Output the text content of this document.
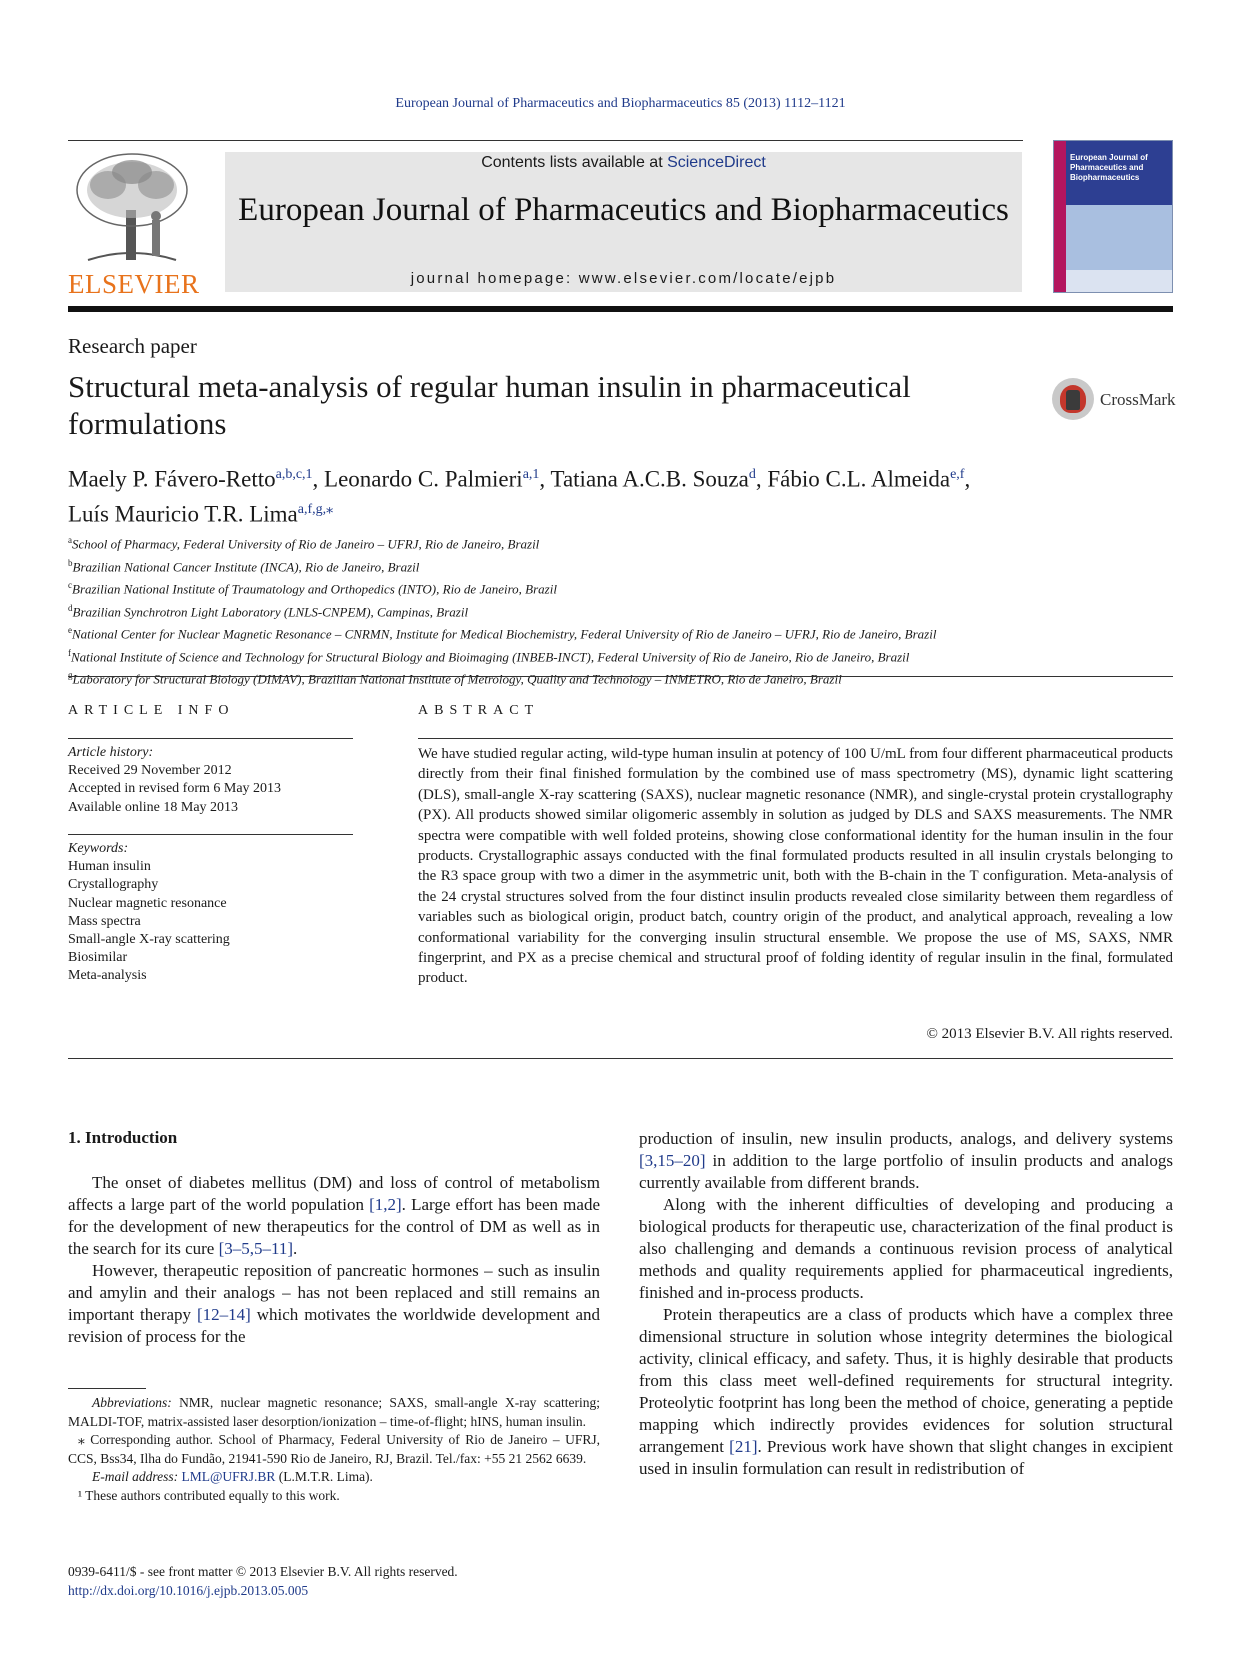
European Journal of Pharmaceutics and Biopharmaceutics 85 (2013) 1112–1121
ELSEVIER
Contents lists available at ScienceDirect
European Journal of Pharmaceutics and Biopharmaceutics
journal homepage: www.elsevier.com/locate/ejpb
European Journal of Pharmaceutics and Biopharmaceutics
Research paper
Structural meta-analysis of regular human insulin in pharmaceutical formulations
CrossMark
Maely P. Fávero-Retto$^{a,b,c,1}$, Leonardo C. Palmieri$^{a,1}$, Tatiana A.C.B. Souza$^d$, Fábio C.L. Almeida$^{e,f}$,
Luís Mauricio T.R. Lima$^{a,f,g,⁎}$
$^a$School of Pharmacy, Federal University of Rio de Janeiro – UFRJ, Rio de Janeiro, Brazil
$^b$Brazilian National Cancer Institute (INCA), Rio de Janeiro, Brazil
$^c$Brazilian National Institute of Traumatology and Orthopedics (INTO), Rio de Janeiro, Brazil
$^d$Brazilian Synchrotron Light Laboratory (LNLS-CNPEM), Campinas, Brazil
$^e$National Center for Nuclear Magnetic Resonance – CNRMN, Institute for Medical Biochemistry, Federal University of Rio de Janeiro – UFRJ, Rio de Janeiro, Brazil
$^f$National Institute of Science and Technology for Structural Biology and Bioimaging (INBEB-INCT), Federal University of Rio de Janeiro, Rio de Janeiro, Brazil
$^g$Laboratory for Structural Biology (DIMAV), Brazilian National Institute of Metrology, Quality and Technology – INMETRO, Rio de Janeiro, Brazil
ARTICLE INFO
Article history:
Received 29 November 2012
Accepted in revised form 6 May 2013
Available online 18 May 2013
Keywords:
Human insulin
Crystallography
Nuclear magnetic resonance
Mass spectra
Small-angle X-ray scattering
Biosimilar
Meta-analysis
ABSTRACT
We have studied regular acting, wild-type human insulin at potency of 100 U/mL from four different pharmaceutical products directly from their final finished formulation by the combined use of mass spectrometry (MS), dynamic light scattering (DLS), small-angle X-ray scattering (SAXS), nuclear magnetic resonance (NMR), and single-crystal protein crystallography (PX). All products showed similar oligomeric assembly in solution as judged by DLS and SAXS measurements. The NMR spectra were compatible with well folded proteins, showing close conformational identity for the human insulin in the four products. Crystallographic assays conducted with the final formulated products resulted in all insulin crystals belonging to the R3 space group with two a dimer in the asymmetric unit, both with the B-chain in the T configuration. Meta-analysis of the 24 crystal structures solved from the four distinct insulin products revealed close similarity between them regardless of variables such as biological origin, product batch, country origin of the product, and analytical approach, revealing a low conformational variability for the converging insulin structural ensemble. We propose the use of MS, SAXS, NMR fingerprint, and PX as a precise chemical and structural proof of folding identity of regular insulin in the final, formulated product.
© 2013 Elsevier B.V. All rights reserved.
1. Introduction

The onset of diabetes mellitus (DM) and loss of control of metabolism affects a large part of the world population [1,2]. Large effort has been made for the development of new therapeutics for the control of DM as well as in the search for its cure [3–5,5–11].

However, therapeutic reposition of pancreatic hormones – such as insulin and amylin and their analogs – has not been replaced and still remains an important therapy [12–14] which motivates the worldwide development and revision of process for the

production of insulin, new insulin products, analogs, and delivery systems [3,15–20] in addition to the large portfolio of insulin products and analogs currently available from different brands.

Along with the inherent difficulties of developing and producing a biological products for therapeutic use, characterization of the final product is also challenging and demands a continuous revision process of analytical methods and quality requirements applied for pharmaceutical ingredients, finished and in-process products.

Protein therapeutics are a class of products which have a complex three dimensional structure in solution whose integrity determines the biological activity, clinical efficacy, and safety. Thus, it is highly desirable that products from this class meet well-defined requirements for structural integrity. Proteolytic footprint has long been the method of choice, generating a peptide mapping which indirectly provides evidences for solution structural arrangement [21]. Previous work have shown that slight changes in excipient used in insulin formulation can result in redistribution of

Abbreviations: NMR, nuclear magnetic resonance; SAXS, small-angle X-ray scattering; MALDI-TOF, matrix-assisted laser desorption/ionization – time-of-flight; hINS, human insulin.

⁎ Corresponding author. School of Pharmacy, Federal University of Rio de Janeiro – UFRJ, CCS, Bss34, Ilha do Fundão, 21941-590 Rio de Janeiro, RJ, Brazil. Tel./fax: +55 21 2562 6639.

E-mail address: LML@UFRJ.BR (L.M.T.R. Lima).

¹ These authors contributed equally to this work.

0939-6411/$ - see front matter © 2013 Elsevier B.V. All rights reserved.
http://dx.doi.org/10.1016/j.ejpb.2013.05.005
